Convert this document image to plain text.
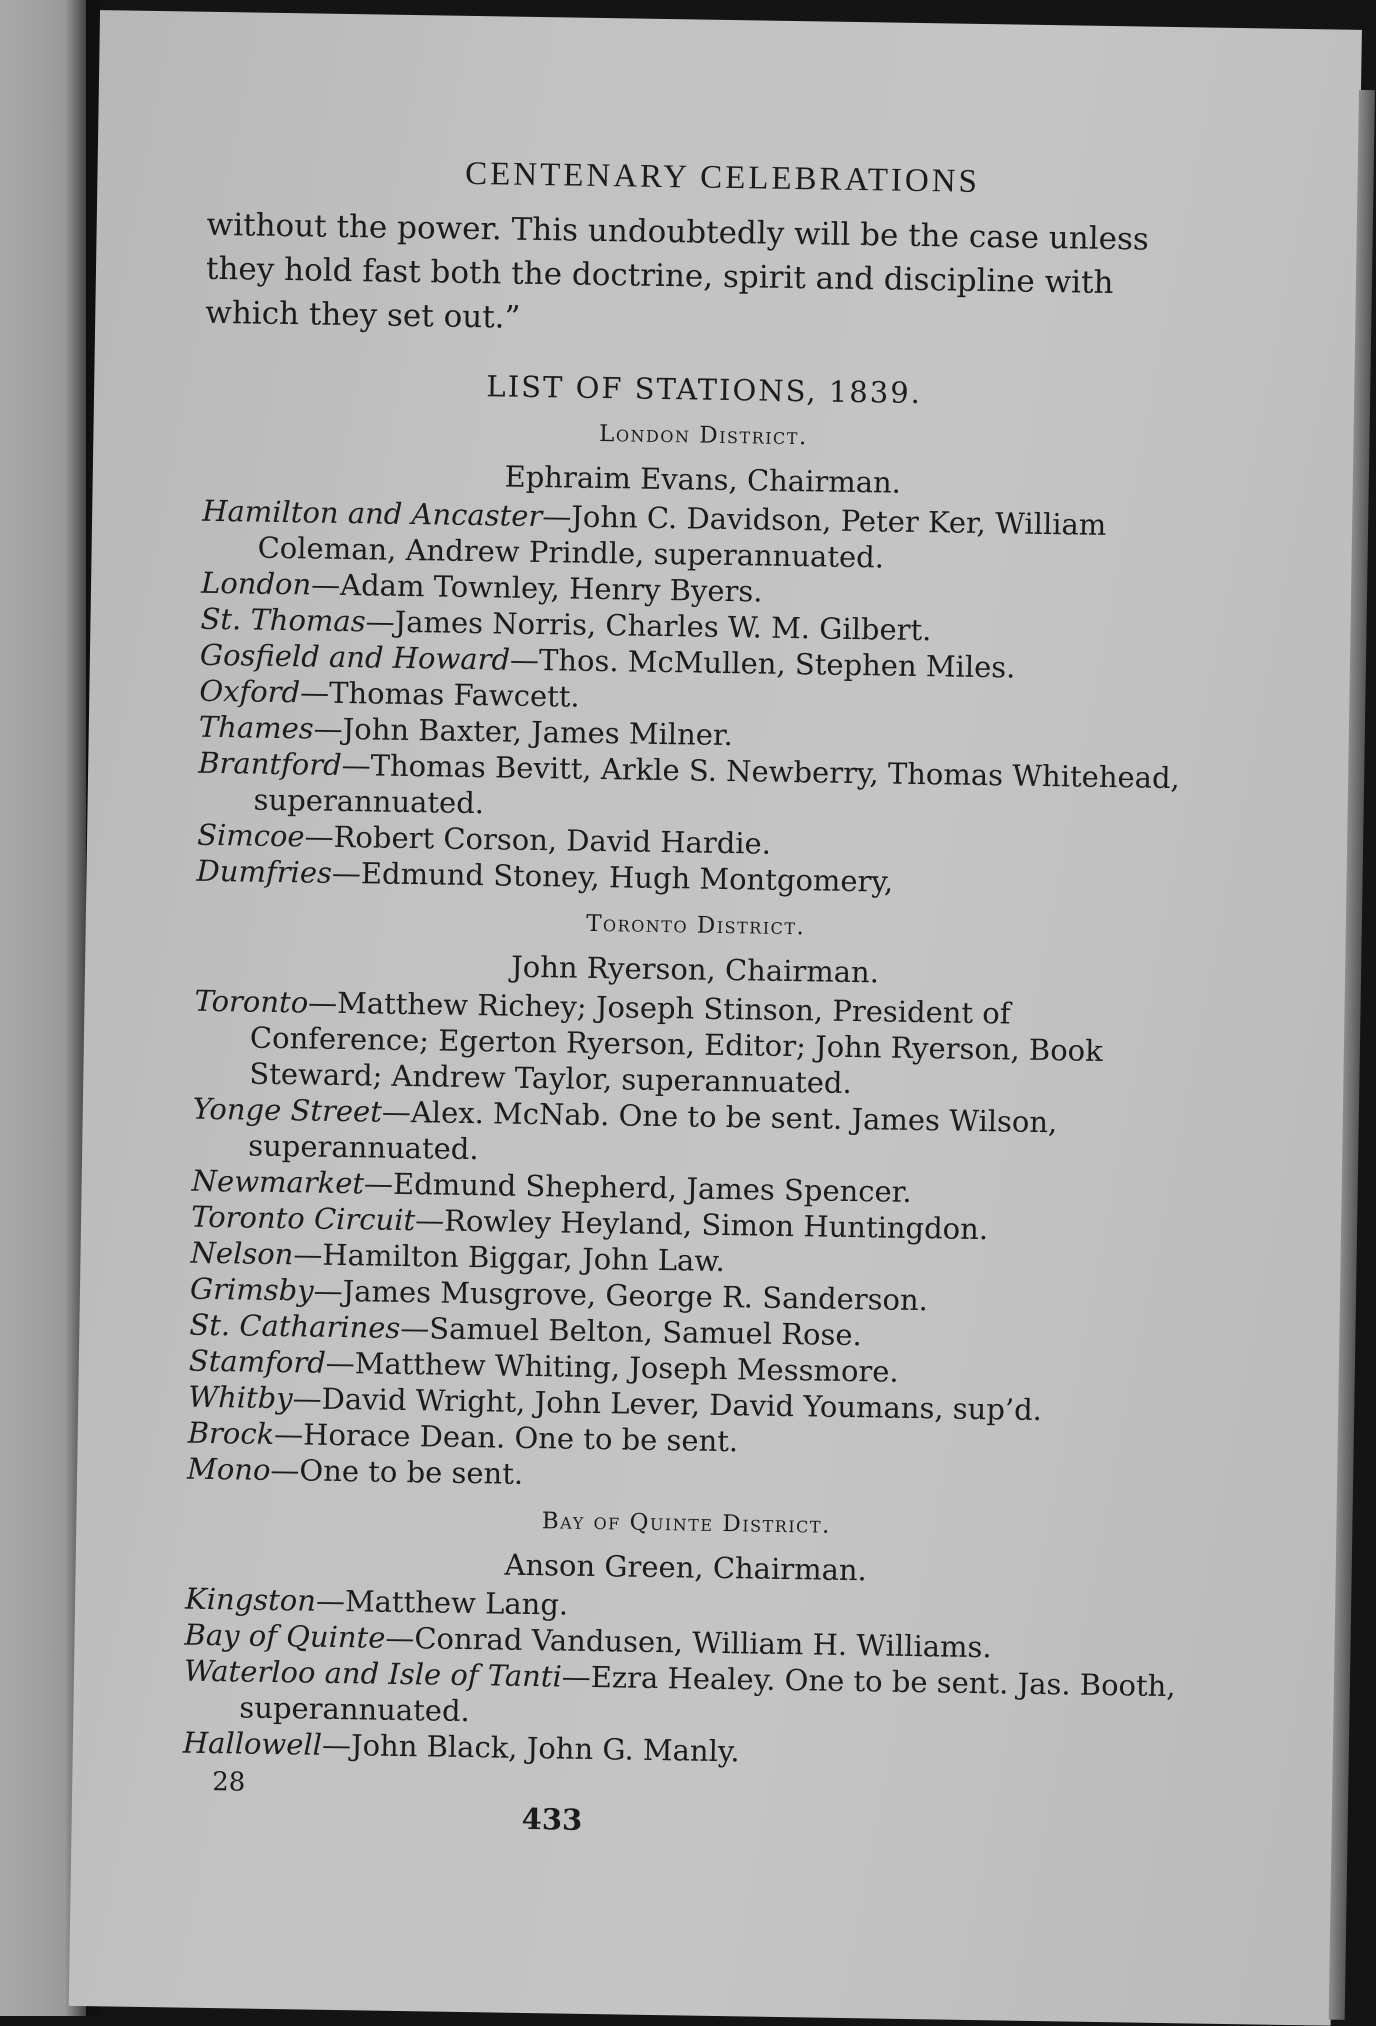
CENTENARY CELEBRATIONS

without the power. This undoubtedly will be the case unless they hold fast both the doctrine, spirit and discipline with which they set out.”

LIST OF STATIONS, 1839.
London District.
Ephraim Evans, Chairman.

Hamilton and Ancaster—John C. Davidson, Peter Ker, William Coleman, Andrew Prindle, superannuated.

London—Adam Townley, Henry Byers.

St. Thomas—James Norris, Charles W. M. Gilbert.

Gosfield and Howard—Thos. McMullen, Stephen Miles.

Oxford—Thomas Fawcett.

Thames—John Baxter, James Milner.

Brantford—Thomas Bevitt, Arkle S. Newberry, Thomas Whitehead, superannuated.

Simcoe—Robert Corson, David Hardie.

Dumfries—Edmund Stoney, Hugh Montgomery,

Toronto District.
John Ryerson, Chairman.

Toronto—Matthew Richey; Joseph Stinson, President of Conference; Egerton Ryerson, Editor; John Ryerson, Book Steward; Andrew Taylor, superannuated.

Yonge Street—Alex. McNab. One to be sent. James Wilson, superannuated.

Newmarket—Edmund Shepherd, James Spencer.

Toronto Circuit—Rowley Heyland, Simon Huntingdon.

Nelson—Hamilton Biggar, John Law.

Grimsby—James Musgrove, George R. Sanderson.

St. Catharines—Samuel Belton, Samuel Rose.

Stamford—Matthew Whiting, Joseph Messmore.

Whitby—David Wright, John Lever, David Youmans, sup’d.

Brock—Horace Dean. One to be sent.

Mono—One to be sent.

Bay of Quinte District.
Anson Green, Chairman.

Kingston—Matthew Lang.

Bay of Quinte—Conrad Vandusen, William H. Williams.

Waterloo and Isle of Tanti—Ezra Healey. One to be sent. Jas. Booth, superannuated.

Hallowell—John Black, John G. Manly.

28
433
